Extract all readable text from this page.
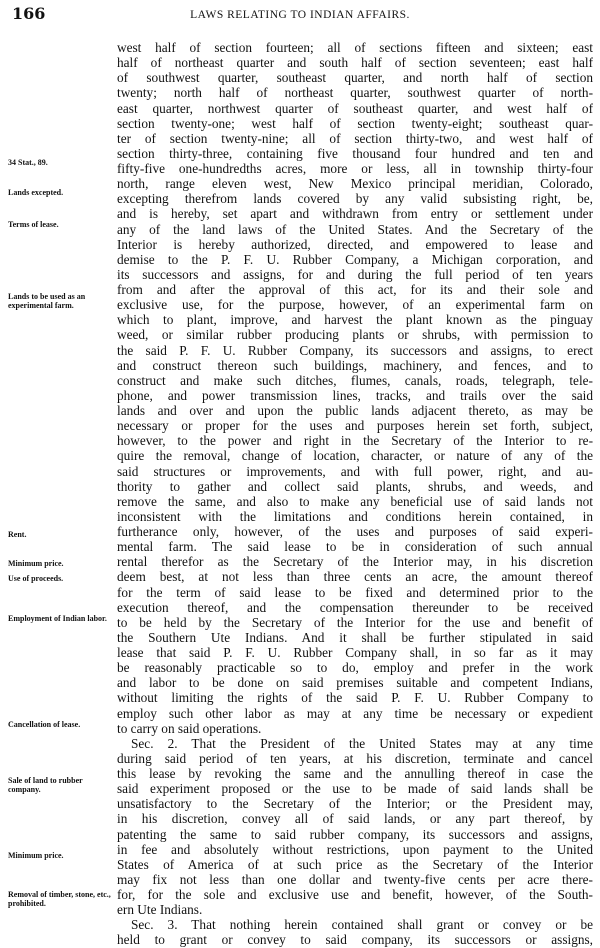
166	LAWS RELATING TO INDIAN AFFAIRS.
34 Stat., 89.
Lands excepted.
Terms of lease.
Lands to be used as an experimental farm.
Rent.
Minimum price.
Use of proceeds.
Employment of Indian labor.
Cancellation of lease.
Sale of land to rubber company.
Minimum price.
Removal of timber, stone, etc., prohibited.
west half of section fourteen; all of sections fifteen and sixteen; east
half of northeast quarter and south half of section seventeen; east half
of southwest quarter, southeast quarter, and north half of section
twenty; north half of northeast quarter, southwest quarter of north-
east quarter, northwest quarter of southeast quarter, and west half of
section twenty-one; west half of section twenty-eight; southeast quar-
ter of section twenty-nine; all of section thirty-two, and west half of
section thirty-three, containing five thousand four hundred and ten and
fifty-five one-hundredths acres, more or less, all in township thirty-four
north, range eleven west, New Mexico principal meridian, Colorado,
excepting therefrom lands covered by any valid subsisting right, be,
and is hereby, set apart and withdrawn from entry or settlement under
any of the land laws of the United States. And the Secretary of the
Interior is hereby authorized, directed, and empowered to lease and
demise to the P. F. U. Rubber Company, a Michigan corporation, and
its successors and assigns, for and during the full period of ten years
from and after the approval of this act, for its and their sole and
exclusive use, for the purpose, however, of an experimental farm on
which to plant, improve, and harvest the plant known as the pinguay
weed, or similar rubber producing plants or shrubs, with permission to
the said P. F. U. Rubber Company, its successors and assigns, to erect
and construct thereon such buildings, machinery, and fences, and to
construct and make such ditches, flumes, canals, roads, telegraph, tele-
phone, and power transmission lines, tracks, and trails over the said
lands and over and upon the public lands adjacent thereto, as may be
necessary or proper for the uses and purposes herein set forth, subject,
however, to the power and right in the Secretary of the Interior to re-
quire the removal, change of location, character, or nature of any of the
said structures or improvements, and with full power, right, and au-
thority to gather and collect said plants, shrubs, and weeds, and
remove the same, and also to make any beneficial use of said lands not
inconsistent with the limitations and conditions herein contained, in
furtherance only, however, of the uses and purposes of said experi-
mental farm. The said lease to be in consideration of such annual
rental therefor as the Secretary of the Interior may, in his discretion
deem best, at not less than three cents an acre, the amount thereof
for the term of said lease to be fixed and determined prior to the
execution thereof, and the compensation thereunder to be received
to be held by the Secretary of the Interior for the use and benefit of
the Southern Ute Indians. And it shall be further stipulated in said
lease that said P. F. U. Rubber Company shall, in so far as it may
be reasonably practicable so to do, employ and prefer in the work
and labor to be done on said premises suitable and competent Indians,
without limiting the rights of the said P. F. U. Rubber Company to
employ such other labor as may at any time be necessary or expedient
to carry on said operations.
Sec. 2. That the President of the United States may at any time
during said period of ten years, at his discretion, terminate and cancel
this lease by revoking the same and the annulling thereof in case the
said experiment proposed or the use to be made of said lands shall be
unsatisfactory to the Secretary of the Interior; or the President may,
in his discretion, convey all of said lands, or any part thereof, by
patenting the same to said rubber company, its successors and assigns,
in fee and absolutely without restrictions, upon payment to the United
States of America of at such price as the Secretary of the Interior
may fix not less than one dollar and twenty-five cents per acre there-
for, for the sole and exclusive use and benefit, however, of the South-
ern Ute Indians.
Sec. 3. That nothing herein contained shall grant or convey or be
held to grant or convey to said company, its successors or assigns,
